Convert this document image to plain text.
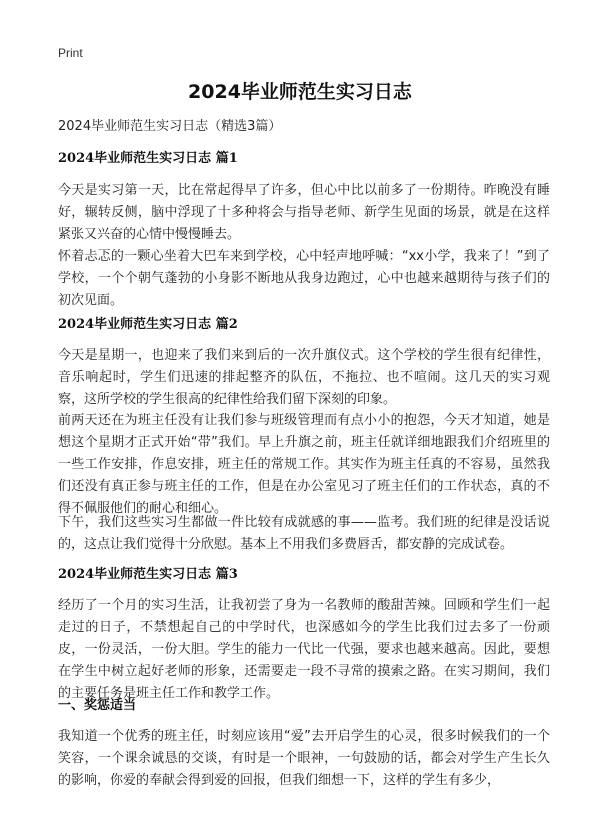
Print
2024毕业师范生实习日志
2024毕业师范生实习日志（精选3篇）
2024毕业师范生实习日志 篇1
今天是实习第一天，比在常起得早了许多，但心中比以前多了一份期待。昨晚没有睡好，辗转反侧，脑中浮现了十多种将会与指导老师、新学生见面的场景，就是在这样紧张又兴奋的心情中慢慢睡去。
怀着忐忑的一颗心坐着大巴车来到学校，心中轻声地呼喊：“xx小学，我来了！”到了学校，一个个朝气蓬勃的小身影不断地从我身边跑过，心中也越来越期待与孩子们的初次见面。
2024毕业师范生实习日志 篇2
今天是星期一，也迎来了我们来到后的一次升旗仪式。这个学校的学生很有纪律性，音乐响起时，学生们迅速的排起整齐的队伍，不拖拉、也不喧闹。这几天的实习观察，这所学校的学生很高的纪律性给我们留下深刻的印象。
前两天还在为班主任没有让我们参与班级管理而有点小小的抱怨，今天才知道，她是想这个星期才正式开始“带”我们。早上升旗之前，班主任就详细地跟我们介绍班里的一些工作安排，作息安排，班主任的常规工作。其实作为班主任真的不容易，虽然我们还没有真正参与班主任的工作，但是在办公室见习了班主任们的工作状态，真的不得不佩服他们的耐心和细心。
下午，我们这些实习生都做一件比较有成就感的事——监考。我们班的纪律是没话说的，这点让我们觉得十分欣慰。基本上不用我们多费唇舌，都安静的完成试卷。
2024毕业师范生实习日志 篇3
经历了一个月的实习生活，让我初尝了身为一名教师的酸甜苦辣。回顾和学生们一起走过的日子，不禁想起自己的中学时代，也深感如今的学生比我们过去多了一份顽皮，一份灵活，一份大胆。学生的能力一代比一代强，要求也越来越高。因此，要想在学生中树立起好老师的形象，还需要走一段不寻常的摸索之路。在实习期间，我们的主要任务是班主任工作和教学工作。
一、奖惩适当
我知道一个优秀的班主任，时刻应该用“爱”去开启学生的心灵，很多时候我们的一个笑容，一个课余诚恳的交谈，有时是一个眼神，一句鼓励的话，都会对学生产生长久的影响，你爱的奉献会得到爱的回报，但我们细想一下，这样的学生有多少，
